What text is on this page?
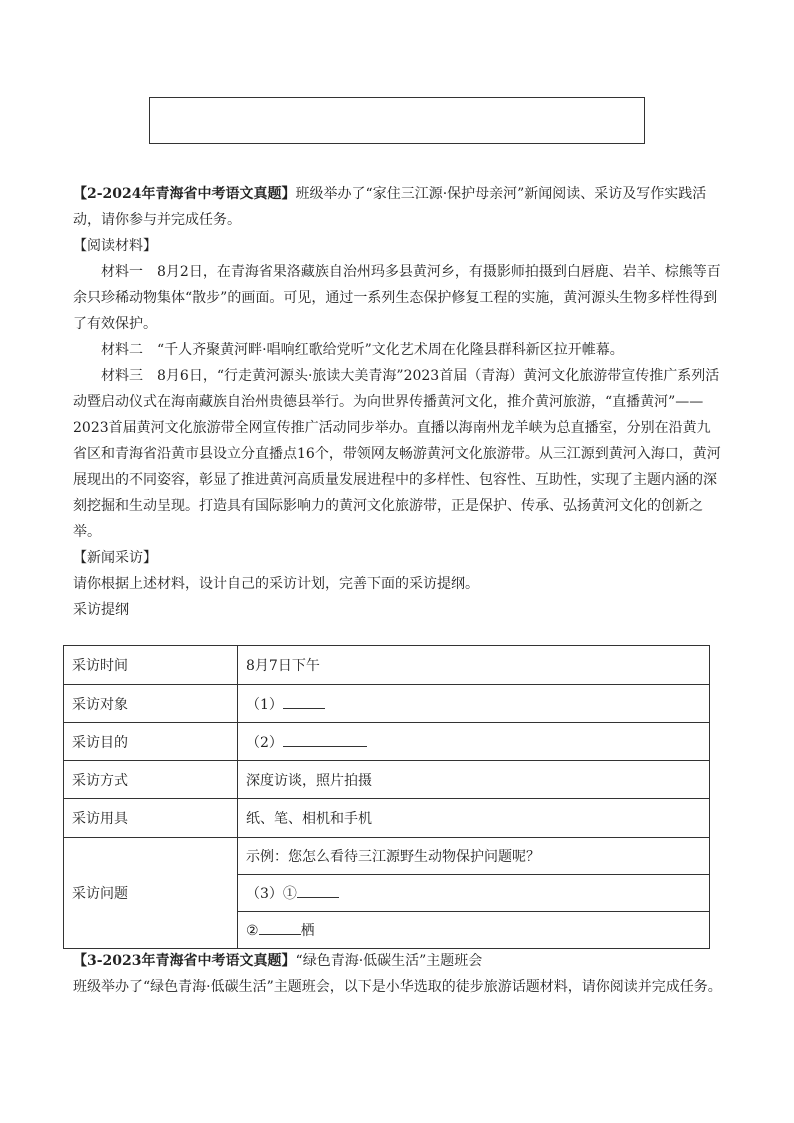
【2-2024年青海省中考语文真题】班级举办了“家住三江源·保护母亲河”新闻阅读、采访及写作实践活动，请你参与并完成任务。

【阅读材料】

材料一　8月2日，在青海省果洛藏族自治州玛多县黄河乡，有摄影师拍摄到白唇鹿、岩羊、棕熊等百余只珍稀动物集体“散步”的画面。可见，通过一系列生态保护修复工程的实施，黄河源头生物多样性得到了有效保护。

材料二　“千人齐聚黄河畔·唱响红歌给党听”文化艺术周在化隆县群科新区拉开帷幕。

材料三　8月6日，“行走黄河源头·旅读大美青海”2023首届（青海）黄河文化旅游带宣传推广系列活动暨启动仪式在海南藏族自治州贵德县举行。为向世界传播黄河文化，推介黄河旅游，“直播黄河”——2023首届黄河文化旅游带全网宣传推广活动同步举办。直播以海南州龙羊峡为总直播室，分别在沿黄九省区和青海省沿黄市县设立分直播点16个，带领网友畅游黄河文化旅游带。从三江源到黄河入海口，黄河展现出的不同姿容，彰显了推进黄河高质量发展进程中的多样性、包容性、互助性，实现了主题内涵的深刻挖掘和生动呈现。打造具有国际影响力的黄河文化旅游带，正是保护、传承、弘扬黄河文化的创新之举。

【新闻采访】

请你根据上述材料，设计自己的采访计划，完善下面的采访提纲。

采访提纲

采访时间	8月7日下午
采访对象	（1）
采访目的	（2）
采访方式	深度访谈，照片拍摄
采访用具	纸、笔、相机和手机
采访问题	示例：您怎么看待三江源野生动物保护问题呢？
	（3）①
	② 栖

【3-2023年青海省中考语文真题】“绿色青海·低碳生活”主题班会

班级举办了“绿色青海·低碳生活”主题班会，以下是小华选取的徒步旅游话题材料，请你阅读并完成任务。
